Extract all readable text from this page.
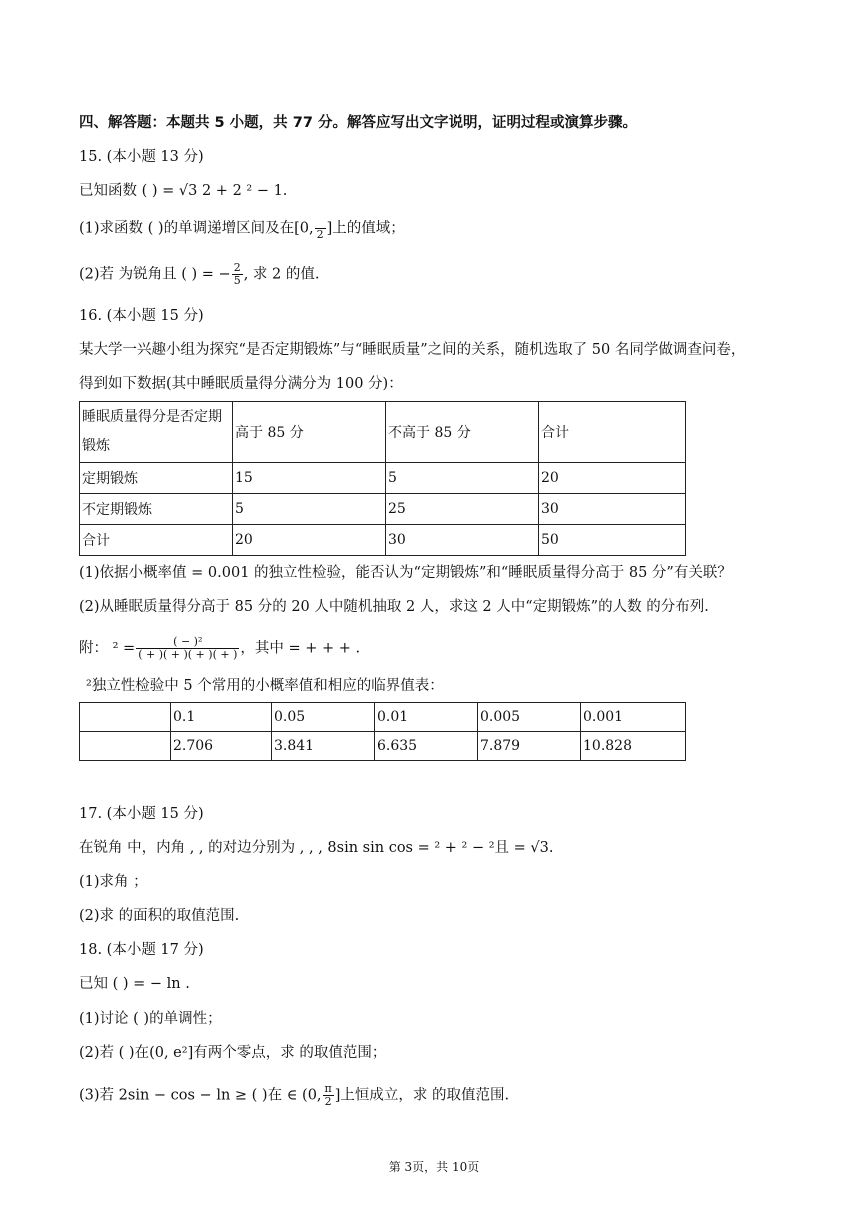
四、解答题：本题共 5 小题，共 77 分。解答应写出文字说明，证明过程或演算步骤。
15. (本小题 13 分)
已知函数 ( ) = √3 2 + 2 ² − 1.
(1)求函数 ( )的单调递增区间及在[0,
2 ]上的值域；
(2)若 为锐角且 ( ) = − $\frac{2}{5}$ , 求 2 的值.
16. (本小题 15 分)
某大学一兴趣小组为探究“是否定期锻炼”与“睡眠质量”之间的关系，随机选取了 50 名同学做调查问卷，
得到如下数据(其中睡眠质量得分满分为 100 分)：
睡眠质量得分是否定期锻炼	高于 85 分	不高于 85 分	合计
定期锻炼	15	5	20
不定期锻炼	5	25	30
合计	20	30	50
(1)依据小概率值 = 0.001 的独立性检验，能否认为“定期锻炼”和“睡眠质量得分高于 85 分”有关联？
(2)从睡眠质量得分高于 85 分的 20 人中随机抽取 2 人，求这 2 人中“定期锻炼”的人数 的分布列.
附： $^2 = \frac{\text{( − )²}}{( + )( + )( + )( + )}$ ，其中 = + + + .
²独立性检验中 5 个常用的小概率值和相应的临界值表：
	0.1	0.05	0.01	0.005	0.001
	2.706	3.841	6.635	7.879	10.828
17. (本小题 15 分)
在锐角 中，内角 , , 的对边分别为 , , , 8sin sin cos = ² + ² − ²且 = √3.
(1)求角 ；
(2)求 的面积的取值范围.
18. (本小题 17 分)
已知 ( ) = − ln .
(1)讨论 ( )的单调性；
(2)若 ( )在(0, e²]有两个零点，求 的取值范围；
(3)若 2sin − cos − ln ≥ ( )在 ∈ (0, $\frac{\pi}{2}$ ]上恒成立，求 的取值范围.
第 3页，共 10页
